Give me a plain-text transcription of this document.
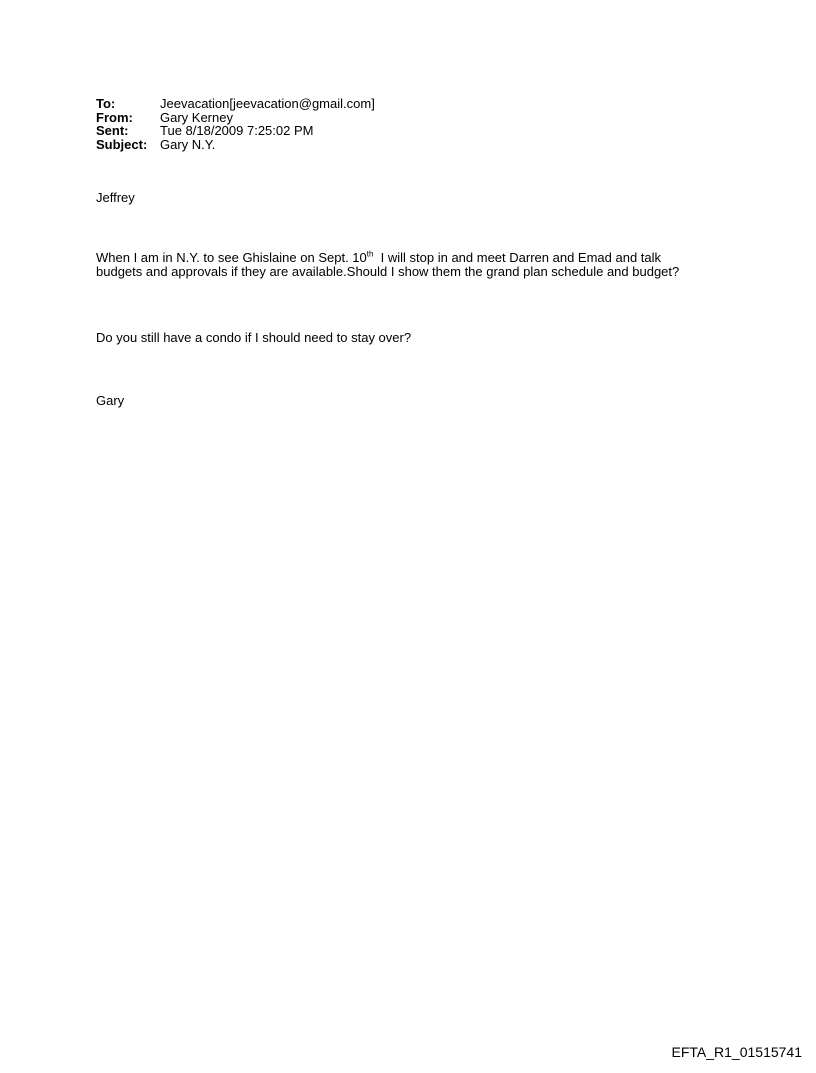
To:	Jeevacation[jeevacation@gmail.com]
From:	Gary Kerney
Sent:	Tue 8/18/2009 7:25:02 PM
Subject: Gary N.Y.
Jeffrey
When I am in N.Y. to see Ghislaine on Sept. 10th  I will stop in and meet Darren and Emad and talk
budgets and approvals if they are available.Should I show them the grand plan schedule and budget?
Do you still have a condo if I should need to stay over?
Gary
EFTA_R1_01515741
